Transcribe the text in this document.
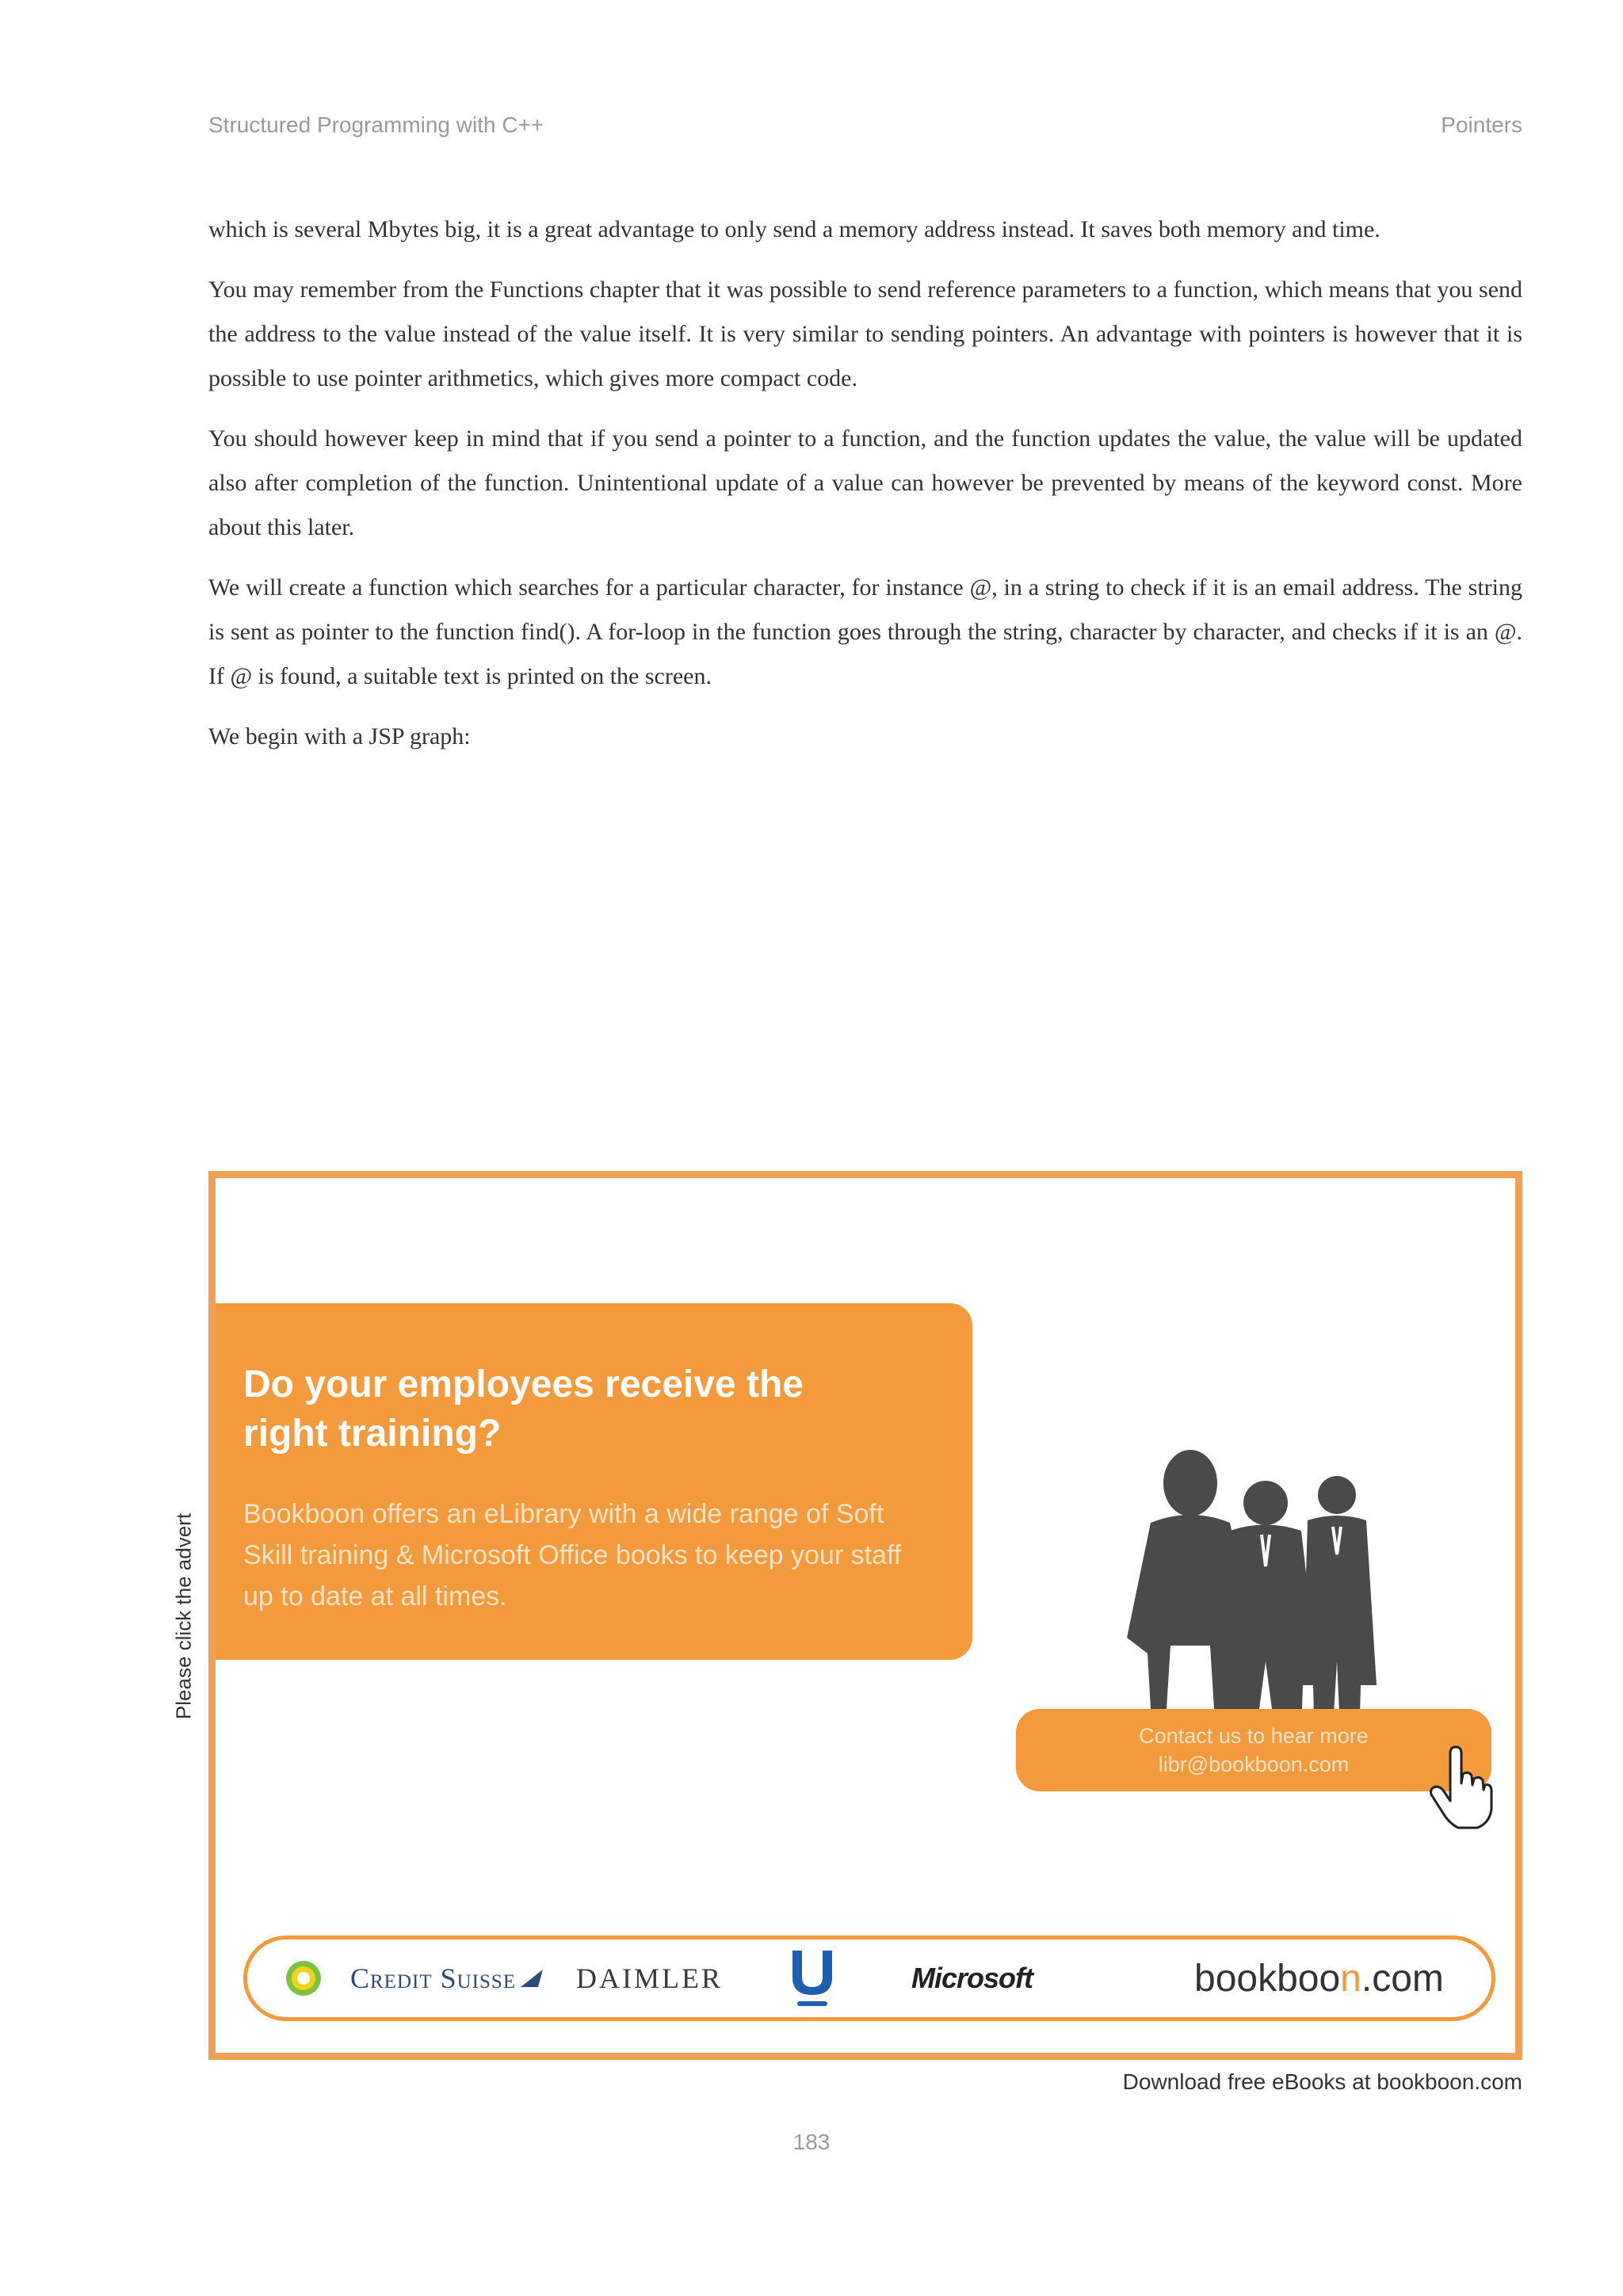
Structured Programming with C++	Pointers

which is several Mbytes big, it is a great advantage to only send a memory address instead. It saves both memory and time.

You may remember from the Functions chapter that it was possible to send reference parameters to a function, which means that you send the address to the value instead of the value itself. It is very similar to sending pointers. An advantage with pointers is however that it is possible to use pointer arithmetics, which gives more compact code.

You should however keep in mind that if you send a pointer to a function, and the function updates the value, the value will be updated also after completion of the function. Unintentional update of a value can however be prevented by means of the keyword const. More about this later.

We will create a function which searches for a particular character, for instance @, in a string to check if it is an email address. The string is sent as pointer to the function find(). A for-loop in the function goes through the string, character by character, and checks if it is an @. If @ is found, a suitable text is printed on the screen.

We begin with a JSP graph:

Please click the advert
Do your employees receive the right training?
Bookboon offers an eLibrary with a wide range of Soft Skill training & Microsoft Office books to keep your staff up to date at all times.
Contact us to hear more
libr@bookboon.com
Credit Suisse DAIMLER	Microsoft	bookboo n .com
Download free eBooks at bookboon.com
183
